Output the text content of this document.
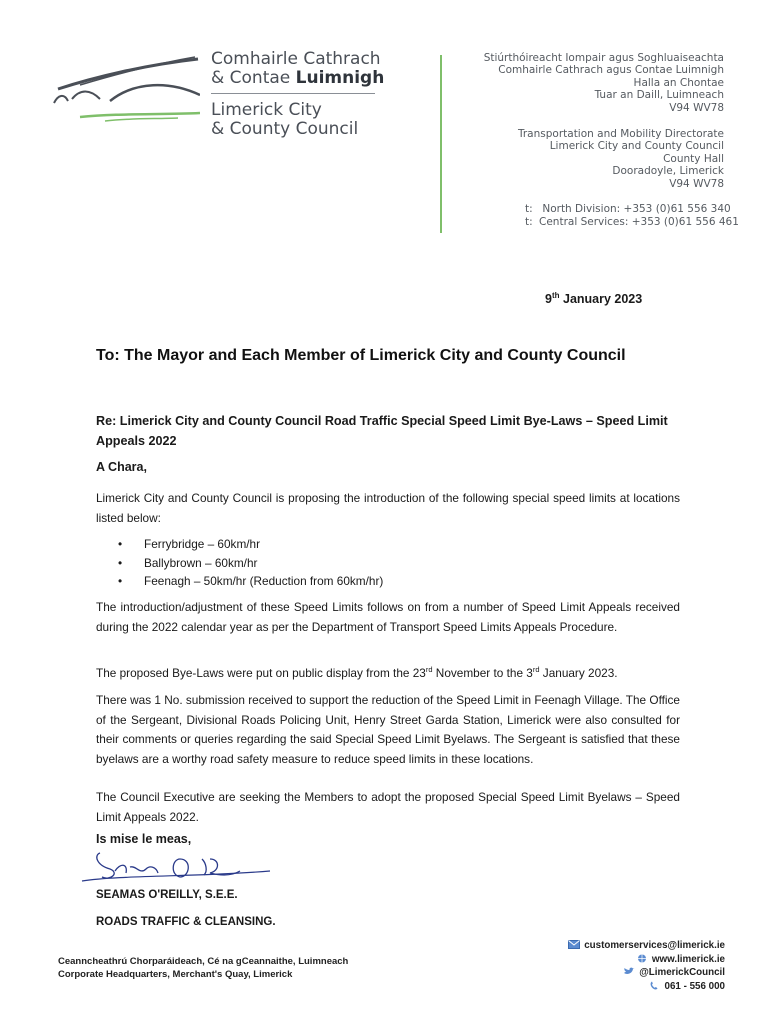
Comhairle Cathrach
& Contae Luimnigh
Limerick City
& County Council
Stiúrthóireacht Iompair agus Soghluaiseachta
Comhairle Cathrach agus Contae Luimnigh
Halla an Chontae
Tuar an Daill, Luimneach
V94 WV78
Transportation and Mobility Directorate
Limerick City and County Council
County Hall
Dooradoyle, Limerick
V94 WV78
t: North Division: +353 (0)61 556 340
t: Central Services: +353 (0)61 556 461
9th January 2023
To: The Mayor and Each Member of Limerick City and County Council
Re: Limerick City and County Council Road Traffic Special Speed Limit Bye-Laws – Speed Limit Appeals 2022
A Chara,
Limerick City and County Council is proposing the introduction of the following special speed limits at locations listed below:
• Ferrybridge – 60km/hr
• Ballybrown – 60km/hr
• Feenagh – 50km/hr (Reduction from 60km/hr)
The introduction/adjustment of these Speed Limits follows on from a number of Speed Limit Appeals received during the 2022 calendar year as per the Department of Transport Speed Limits Appeals Procedure.
The proposed Bye-Laws were put on public display from the 23rd November to the 3rd January 2023.
There was 1 No. submission received to support the reduction of the Speed Limit in Feenagh Village. The Office of the Sergeant, Divisional Roads Policing Unit, Henry Street Garda Station, Limerick were also consulted for their comments or queries regarding the said Special Speed Limit Byelaws. The Sergeant is satisfied that these byelaws are a worthy road safety measure to reduce speed limits in these locations.
The Council Executive are seeking the Members to adopt the proposed Special Speed Limit Byelaws – Speed Limit Appeals 2022.
Is mise le meas,
SEAMAS O'REILLY, S.E.E.
ROADS TRAFFIC & CLEANSING.
Ceanncheathrú Chorparáideach, Cé na gCeannaithe, Luimneach
Corporate Headquarters, Merchant's Quay, Limerick
customerservices@limerick.ie
www.limerick.ie
@LimerickCouncil
061 - 556 000
